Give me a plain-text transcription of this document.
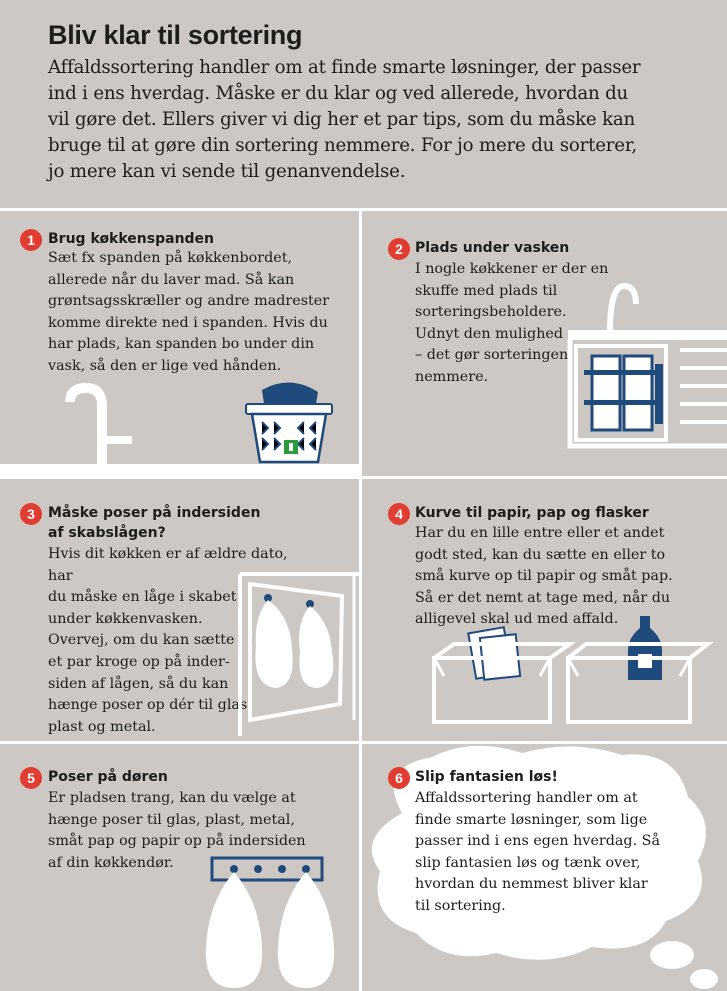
Bliv klar til sortering
Affaldssortering handler om at finde smarte løsninger, der passer
ind i ens hverdag. Måske er du klar og ved allerede, hvordan du
vil gøre det. Ellers giver vi dig her et par tips, som du måske kan
bruge til at gøre din sortering nemmere. For jo mere du sorterer,
jo mere kan vi sende til genanvendelse.
1 Brug køkkenspanden
Sæt fx spanden på køkkenbordet,
allerede når du laver mad. Så kan
grøntsagsskræller og andre madrester
komme direkte ned i spanden. Hvis du
har plads, kan spanden bo under din
vask, så den er lige ved hånden.
2 Plads under vasken
I nogle køkkener er der en
skuffe med plads til
sorteringsbeholdere.
Udnyt den mulighed
– det gør sorteringen
nemmere.
3 Måske poser på indersiden
af skabslågen?
Hvis dit køkken er af ældre dato, har
du måske en låge i skabet
under køkkenvasken.
Overvej, om du kan sætte
et par kroge op på inder-
siden af lågen, så du kan
hænge poser op dér til glas,
plast og metal.
4 Kurve til papir, pap og flasker
Har du en lille entre eller et andet
godt sted, kan du sætte en eller to
små kurve op til papir og småt pap.
Så er det nemt at tage med, når du
alligevel skal ud med affald.
5 Poser på døren
Er pladsen trang, kan du vælge at
hænge poser til glas, plast, metal,
småt pap og papir op på indersiden
af din køkkendør.
6 Slip fantasien løs!
Affaldssortering handler om at
finde smarte løsninger, som lige
passer ind i ens egen hverdag. Så
slip fantasien løs og tænk over,
hvordan du nemmest bliver klar
til sortering.
